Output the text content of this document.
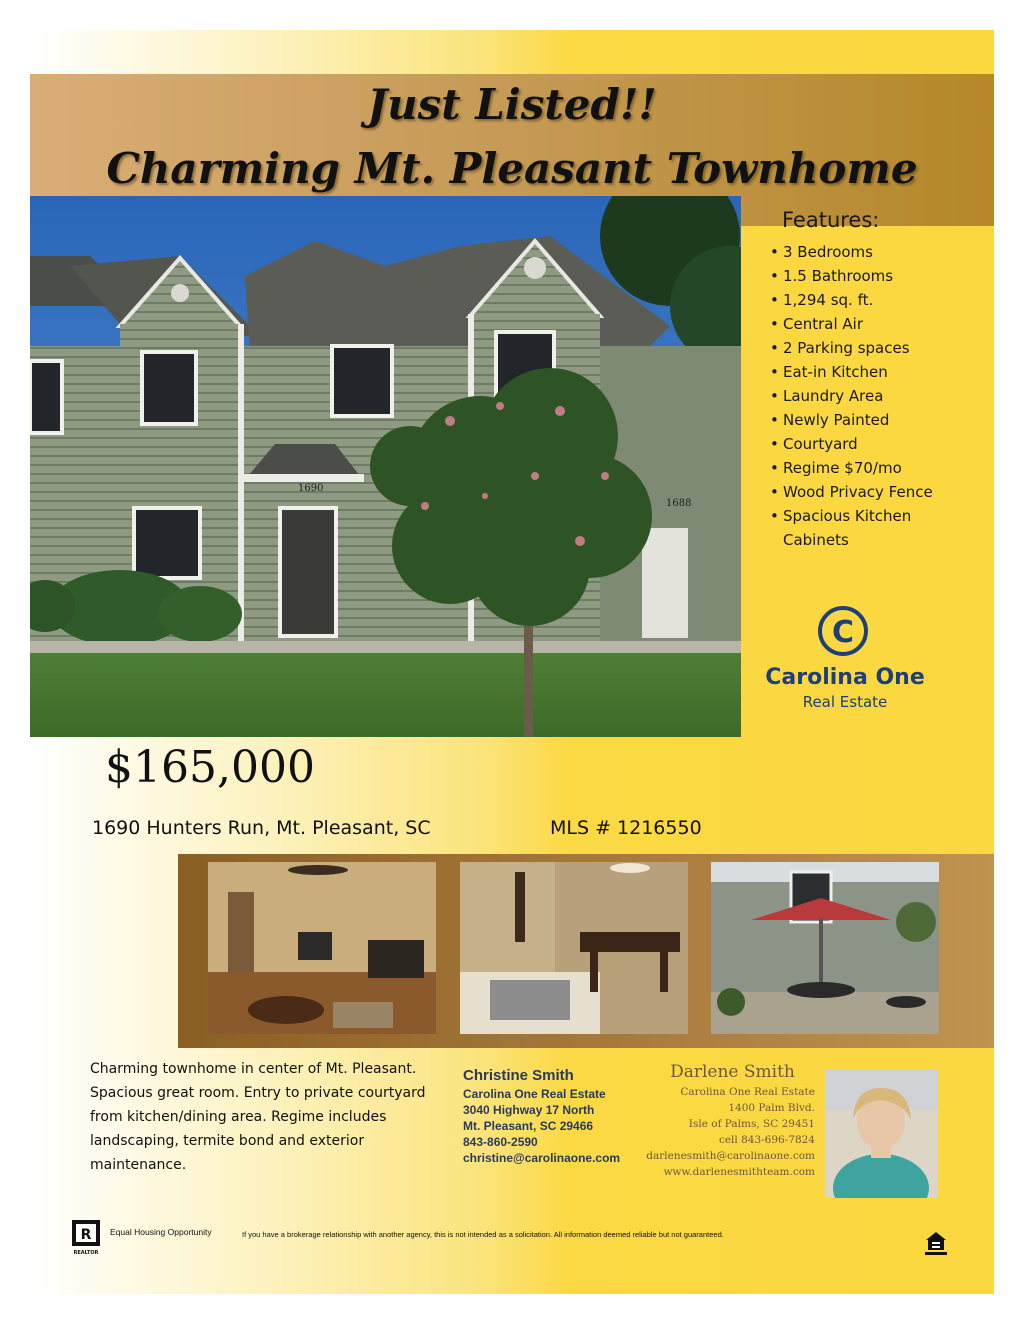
Just Listed!!
Charming Mt. Pleasant Townhome
1690
1688
Features:
• 3 Bedrooms
• 1.5 Bathrooms
• 1,294 sq. ft.
• Central Air
• 2 Parking spaces
• Eat-in Kitchen
• Laundry Area
• Newly Painted
• Courtyard
• Regime $70/mo
• Wood Privacy Fence
• Spacious Kitchen Cabinets
C
Carolina One
Real Estate
$165,000
1690 Hunters Run, Mt. Pleasant, SC	MLS # 1216550

Charming townhome in center of Mt. Pleasant. Spacious great room. Entry to private courtyard from kitchen/dining area. Regime includes landscaping, termite bond and exterior maintenance.

Christine Smith
Carolina One Real Estate
3040 Highway 17 North
Mt. Pleasant, SC 29466
843-860-2590
christine@carolinaone.com
Darlene Smith
Carolina One Real Estate
1400 Palm Blvd.
Isle of Palms, SC 29451
cell 843-696-7824
darlenesmith@carolinaone.com
www.darlenesmithteam.com
R
REALTOR
Equal Housing Opportunity	If you have a brokerage relationship with another agency, this is not intended as a solicitation. All information deemed reliable but not guaranteed.
